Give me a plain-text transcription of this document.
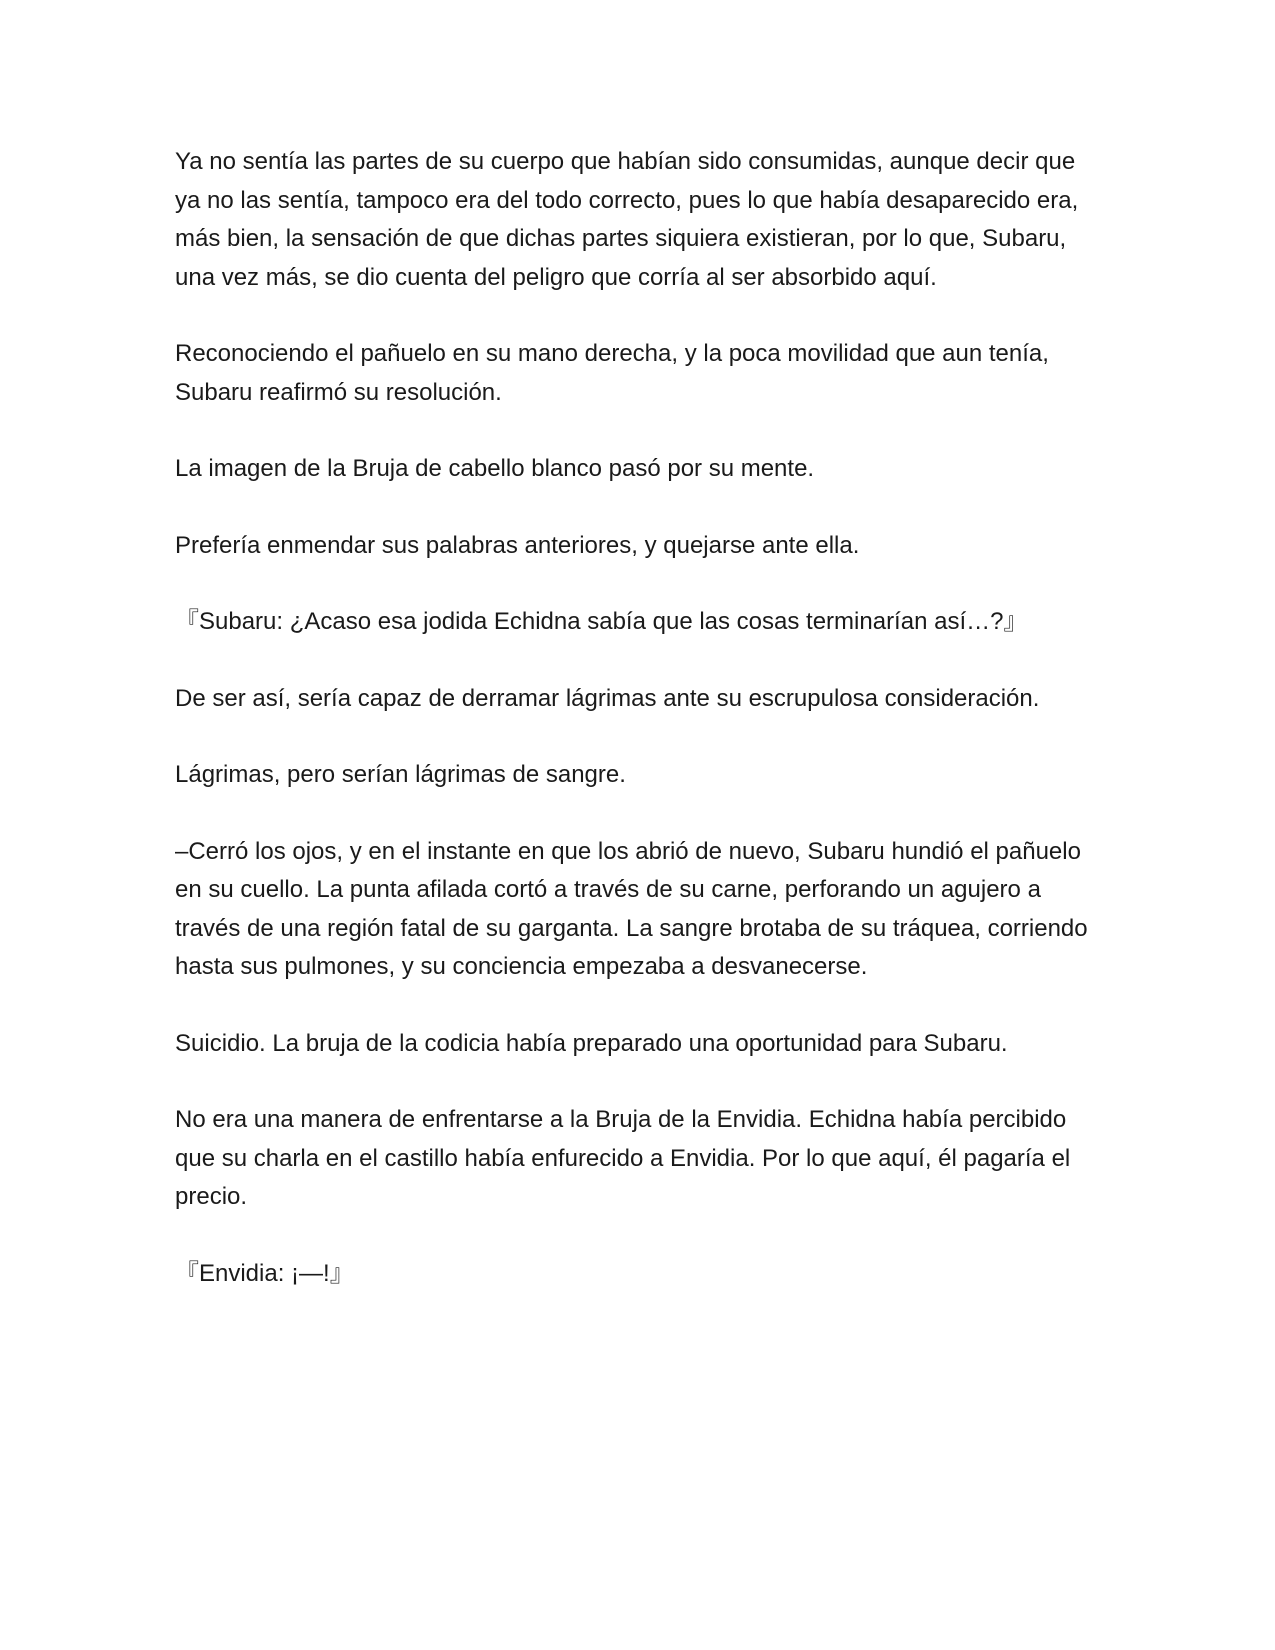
Ya no sentía las partes de su cuerpo que habían sido consumidas, aunque decir que ya no las sentía, tampoco era del todo correcto, pues lo que había desaparecido era, más bien, la sensación de que dichas partes siquiera existieran, por lo que, Subaru, una vez más, se dio cuenta del peligro que corría al ser absorbido aquí.

Reconociendo el pañuelo en su mano derecha, y la poca movilidad que aun tenía, Subaru reafirmó su resolución.

La imagen de la Bruja de cabello blanco pasó por su mente.

Prefería enmendar sus palabras anteriores, y quejarse ante ella.

『Subaru: ¿Acaso esa jodida Echidna sabía que las cosas terminarían así…?』

De ser así, sería capaz de derramar lágrimas ante su escrupulosa consideración.

Lágrimas, pero serían lágrimas de sangre.

–Cerró los ojos, y en el instante en que los abrió de nuevo, Subaru hundió el pañuelo en su cuello. La punta afilada cortó a través de su carne, perforando un agujero a través de una región fatal de su garganta. La sangre brotaba de su tráquea, corriendo hasta sus pulmones, y su conciencia empezaba a desvanecerse.

Suicidio. La bruja de la codicia había preparado una oportunidad para Subaru.

No era una manera de enfrentarse a la Bruja de la Envidia. Echidna había percibido que su charla en el castillo había enfurecido a Envidia. Por lo que aquí, él pagaría el precio.

『Envidia: ¡—!』
